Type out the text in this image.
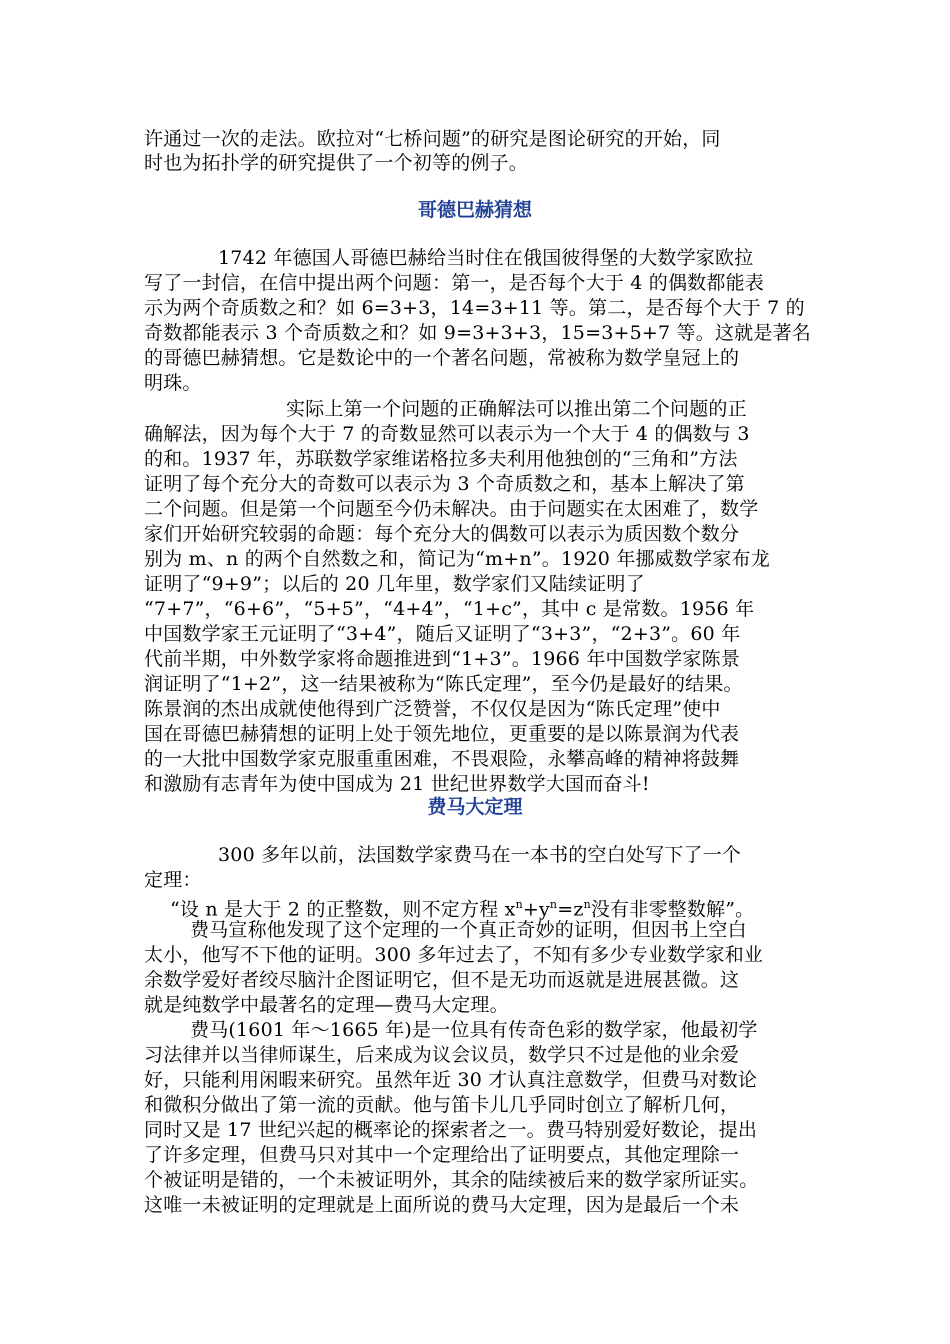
许通过一次的走法。欧拉对“七桥问题”的研究是图论研究的开始，同
时也为拓扑学的研究提供了一个初等的例子。
哥德巴赫猜想
1742 年德国人哥德巴赫给当时住在俄国彼得堡的大数学家欧拉
写了一封信，在信中提出两个问题：第一，是否每个大于 4 的偶数都能表
示为两个奇质数之和？如 6=3+3，14=3+11 等。第二，是否每个大于 7 的
奇数都能表示 3 个奇质数之和？如 9=3+3+3，15=3+5+7 等。这就是著名
的哥德巴赫猜想。它是数论中的一个著名问题，常被称为数学皇冠上的
明珠。
实际上第一个问题的正确解法可以推出第二个问题的正
确解法，因为每个大于 7 的奇数显然可以表示为一个大于 4 的偶数与 3
的和。1937 年，苏联数学家维诺格拉多夫利用他独创的“三角和”方法
证明了每个充分大的奇数可以表示为 3 个奇质数之和，基本上解决了第
二个问题。但是第一个问题至今仍未解决。由于问题实在太困难了，数学
家们开始研究较弱的命题：每个充分大的偶数可以表示为质因数个数分
别为 m、n 的两个自然数之和，简记为“m+n”。1920 年挪威数学家布龙
证明了“9+9”；以后的 20 几年里，数学家们又陆续证明了
“7+7”，“6+6”，“5+5”，“4+4”，“1+c”，其中 c 是常数。1956 年
中国数学家王元证明了“3+4”，随后又证明了“3+3”，“2+3”。60 年
代前半期，中外数学家将命题推进到“1+3”。1966 年中国数学家陈景
润证明了“1+2”，这一结果被称为“陈氏定理”，至今仍是最好的结果。
陈景润的杰出成就使他得到广泛赞誉，不仅仅是因为“陈氏定理”使中
国在哥德巴赫猜想的证明上处于领先地位，更重要的是以陈景润为代表
的一大批中国数学家克服重重困难，不畏艰险，永攀高峰的精神将鼓舞
和激励有志青年为使中国成为 21 世纪世界数学大国而奋斗!
费马大定理
300 多年以前，法国数学家费马在一本书的空白处写下了一个
定理：
“设 n 是大于 2 的正整数，则不定方程 $x^n+y^n=z^n$没有非零整数解”。
费马宣称他发现了这个定理的一个真正奇妙的证明，但因书上空白
太小，他写不下他的证明。300 多年过去了，不知有多少专业数学家和业
余数学爱好者绞尽脑汁企图证明它，但不是无功而返就是进展甚微。这
就是纯数学中最著名的定理—费马大定理。
费马(1601 年～1665 年)是一位具有传奇色彩的数学家，他最初学
习法律并以当律师谋生，后来成为议会议员，数学只不过是他的业余爱
好，只能利用闲暇来研究。虽然年近 30 才认真注意数学，但费马对数论
和微积分做出了第一流的贡献。他与笛卡儿几乎同时创立了解析几何，
同时又是 17 世纪兴起的概率论的探索者之一。费马特别爱好数论，提出
了许多定理，但费马只对其中一个定理给出了证明要点，其他定理除一
个被证明是错的，一个未被证明外，其余的陆续被后来的数学家所证实。
这唯一未被证明的定理就是上面所说的费马大定理，因为是最后一个未
